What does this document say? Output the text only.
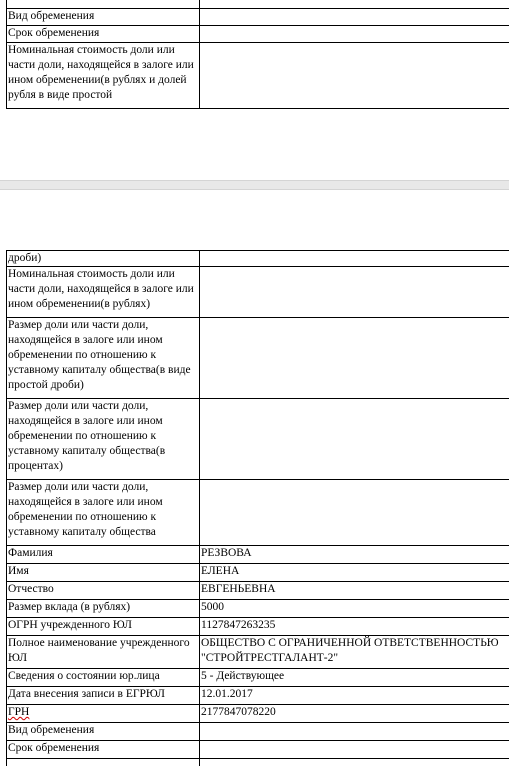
Вид обременения	
Срок обременения	
Номинальная стоимость доли или части доли, находящейся в залоге или ином обременении(в рублях и долей рубля в виде простой	
дроби)	
Номинальная стоимость доли или части доли, находящейся в залоге или ином обременении(в рублях)	
Размер доли или части доли, находящейся в залоге или ином обременении по отношению к уставному капиталу общества(в виде простой дроби)	
Размер доли или части доли, находящейся в залоге или ином обременении по отношению к уставному капиталу общества(в процентах)	
Размер доли или части доли, находящейся в залоге или ином обременении по отношению к уставному капиталу общества	
Фамилия	РЕЗВОВА
Имя	ЕЛЕНА
Отчество	ЕВГЕНЬЕВНА
Размер вклада (в рублях)	5000
ОГРН учрежденного ЮЛ	1127847263235
Полное наименование учрежденного ЮЛ	ОБЩЕСТВО С ОГРАНИЧЕННОЙ ОТВЕТСТВЕННОСТЬЮ "СТРОЙТРЕСТГАЛАНТ-2"
Сведения о состоянии юр.лица	5 - Действующее
Дата внесения записи в ЕГРЮЛ	12.01.2017
ГРН	2177847078220
Вид обременения	
Срок обременения	
